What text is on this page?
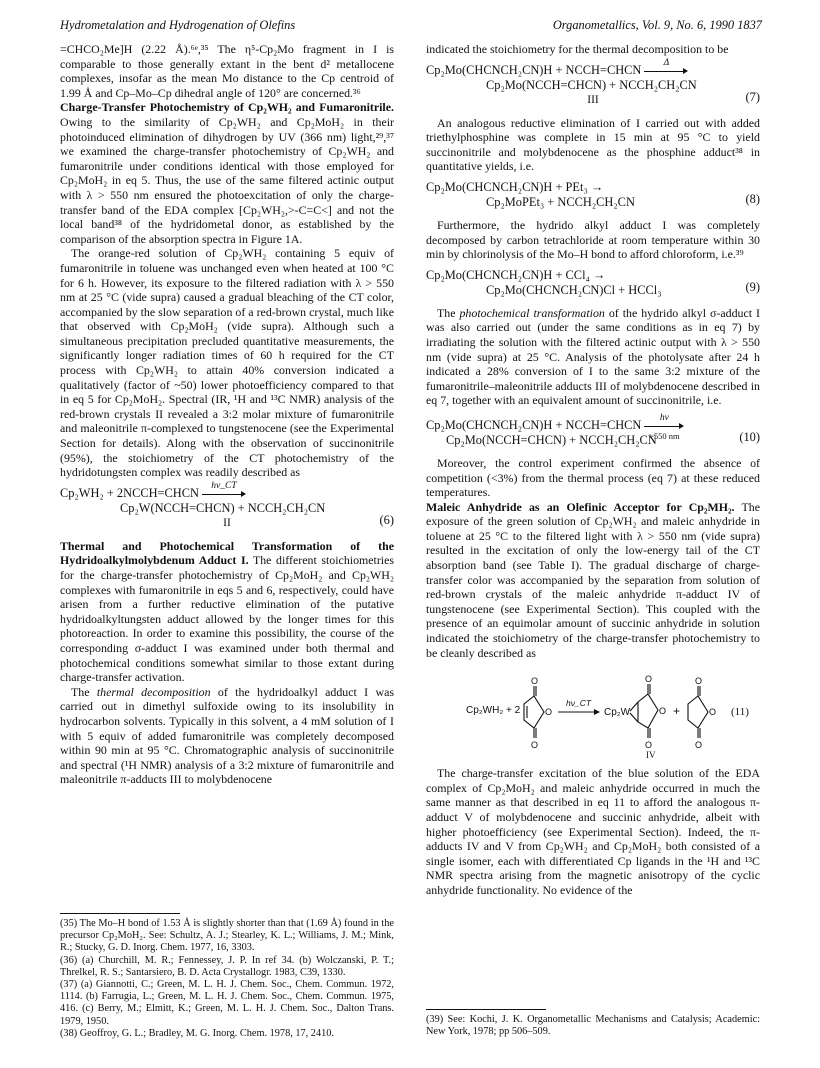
Hydrometalation and Hydrogenation of Olefins	Organometallics, Vol. 9, No. 6, 1990 1837

=CHCO₂Me]H (2.22 Å).⁶ᵉ,³⁵ The η⁵-Cp₂Mo fragment in I is comparable to those generally extant in the bent d² metallocene complexes, insofar as the mean Mo distance to the Cp centroid of 1.99 Å and Cp–Mo–Cp dihedral angle of 120° are concerned.³⁶

Charge-Transfer Photochemistry of Cp₂WH₂ and Fumaronitrile. Owing to the similarity of Cp₂WH₂ and Cp₂MoH₂ in their photoinduced elimination of dihydrogen by UV (366 nm) light,²⁹,³⁷ we examined the charge-transfer photochemistry of Cp₂WH₂ and fumaronitrile under conditions identical with those employed for Cp₂MoH₂ in eq 5. Thus, the use of the same filtered actinic output with λ > 550 nm ensured the photoexcitation of only the charge-transfer band of the EDA complex [Cp₂WH₂,>-C=C<] and not the local band³⁸ of the hydridometal donor, as established by the comparison of the absorption spectra in Figure 1A.

The orange-red solution of Cp₂WH₂ containing 5 equiv of fumaronitrile in toluene was unchanged even when heated at 100 °C for 6 h. However, its exposure to the filtered radiation with λ > 550 nm at 25 °C (vide supra) caused a gradual bleaching of the CT color, accompanied by the slow separation of a red-brown crystal, much like that observed with Cp₂MoH₂ (vide supra). Although such a simultaneous precipitation precluded quantitative measurements, the significantly longer radiation times of 60 h required for the CT process with Cp₂WH₂ to attain 40% conversion indicated a qualitatively (factor of ~50) lower photoefficiency compared to that in eq 5 for Cp₂MoH₂. Spectral (IR, ¹H and ¹³C NMR) analysis of the red-brown crystals II revealed a 3:2 molar mixture of fumaronitrile and maleonitrile π-complexed to tungstenocene (see the Experimental Section for details). Along with the observation of succinonitrile (95%), the stoichiometry of the CT photochemistry of the hydridotungsten complex was readily described as

Cp₂WH₂ + 2NCCH=CHCN	hν_CT
Cp₂W(NCCH=CHCN) + NCCH₂CH₂CN
(6)
II

Thermal and Photochemical Transformation of the Hydridoalkylmolybdenum Adduct I. The different stoichiometries for the charge-transfer photochemistry of Cp₂MoH₂ and Cp₂WH₂ complexes with fumaronitrile in eqs 5 and 6, respectively, could have arisen from a further reductive elimination of the putative hydridoalkyltungsten adduct allowed by the longer times for this photoreaction. In order to examine this possibility, the course of the corresponding σ-adduct I was examined under both thermal and photochemical conditions somewhat similar to those extant during charge-transfer activation.

The thermal decomposition of the hydridoalkyl adduct I was carried out in dimethyl sulfoxide owing to its insolubility in hydrocarbon solvents. Typically in this solvent, a 4 mM solution of I with 5 equiv of added fumaronitrile was completely decomposed within 90 min at 95 °C. Chromatographic analysis of succinonitrile and spectral (¹H NMR) analysis of a 3:2 mixture of fumaronitrile and maleonitrile π-adducts III to molybdenocene

(35) The Mo–H bond of 1.53 Å is slightly shorter than that (1.69 Å) found in the precursor Cp₂MoH₂. See: Schultz, A. J.; Stearley, K. L.; Williams, J. M.; Mink, R.; Stucky, G. D. Inorg. Chem. 1977, 16, 3303.

(36) (a) Churchill, M. R.; Fennessey, J. P. In ref 34. (b) Wolczanski, P. T.; Threlkel, R. S.; Santarsiero, B. D. Acta Crystallogr. 1983, C39, 1330.

(37) (a) Giannotti, C.; Green, M. L. H. J. Chem. Soc., Chem. Commun. 1972, 1114. (b) Farrugia, L.; Green, M. L. H. J. Chem. Soc., Chem. Commun. 1975, 416. (c) Berry, M.; Elmitt, K.; Green, M. L. H. J. Chem. Soc., Dalton Trans. 1979, 1950.

(38) Geoffroy, G. L.; Bradley, M. G. Inorg. Chem. 1978, 17, 2410.

indicated the stoichiometry for the thermal decomposition to be

Cp₂Mo(CHCNCH₂CN)H + NCCH=CHCN	Δ
Cp₂Mo(NCCH=CHCN) + NCCH₂CH₂CN
(7)
III

An analogous reductive elimination of I carried out with added triethylphosphine was complete in 15 min at 95 °C to yield succinonitrile and molybdenocene as the phosphine adduct³⁸ in quantitative yields, i.e.

Cp₂Mo(CHCNCH₂CN)H + PEt₃ →
Cp₂MoPEt₃ + NCCH₂CH₂CN	(8)

Furthermore, the hydrido alkyl adduct I was completely decomposed by carbon tetrachloride at room temperature within 30 min by chlorinolysis of the Mo–H bond to afford chloroform, i.e.³⁹

Cp₂Mo(CHCNCH₂CN)H + CCl₄ →
Cp₂Mo(CHCNCH₂CN)Cl + HCCl₃	(9)

The photochemical transformation of the hydrido alkyl σ-adduct I was also carried out (under the same conditions as in eq 7) by irradiating the solution with the filtered actinic output with λ > 550 nm (vide supra) at 25 °C. Analysis of the photolysate after 24 h indicated a 28% conversion of I to the same 3:2 mixture of the fumaronitrile–maleonitrile adducts III of molybdenocene described in eq 7, together with an equivalent amount of succinonitrile, i.e.

Cp₂Mo(CHCNCH₂CN)H + NCCH=CHCN	hν
>550 nm
Cp₂Mo(NCCH=CHCN) + NCCH₂CH₂CN	(10)

Moreover, the control experiment confirmed the absence of competition (<3%) from the thermal process (eq 7) at these reduced temperatures.

Maleic Anhydride as an Olefinic Acceptor for Cp₂MH₂. The exposure of the green solution of Cp₂WH₂ and maleic anhydride in toluene at 25 °C to the filtered light with λ > 550 nm (vide supra) resulted in the excitation of only the low-energy tail of the CT absorption band (see Table I). The gradual discharge of charge-transfer color was accompanied by the separation from solution of red-brown crystals of the maleic anhydride π-adduct IV of tungstenocene (see Experimental Section). This coupled with the presence of an equimolar amount of succinic anhydride in solution indicated the stoichiometry of the charge-transfer photochemistry to be cleanly described as

Cp₂WH₂ + 2
O
O
O
hν_CT
Cp₂W
O
O
O
IV
+
O
O
O (11)

The charge-transfer excitation of the blue solution of the EDA complex of Cp₂MoH₂ and maleic anhydride occurred in much the same manner as that described in eq 11 to afford the analogous π-adduct V of molybdenocene and succinic anhydride, albeit with higher photoefficiency (see Experimental Section). Indeed, the π-adducts IV and V from Cp₂WH₂ and Cp₂MoH₂ both consisted of a single isomer, each with differentiated Cp ligands in the ¹H and ¹³C NMR spectra arising from the magnetic anisotropy of the cyclic anhydride functionality. No evidence of the

(39) See: Kochi, J. K. Organometallic Mechanisms and Catalysis; Academic: New York, 1978; pp 506–509.
